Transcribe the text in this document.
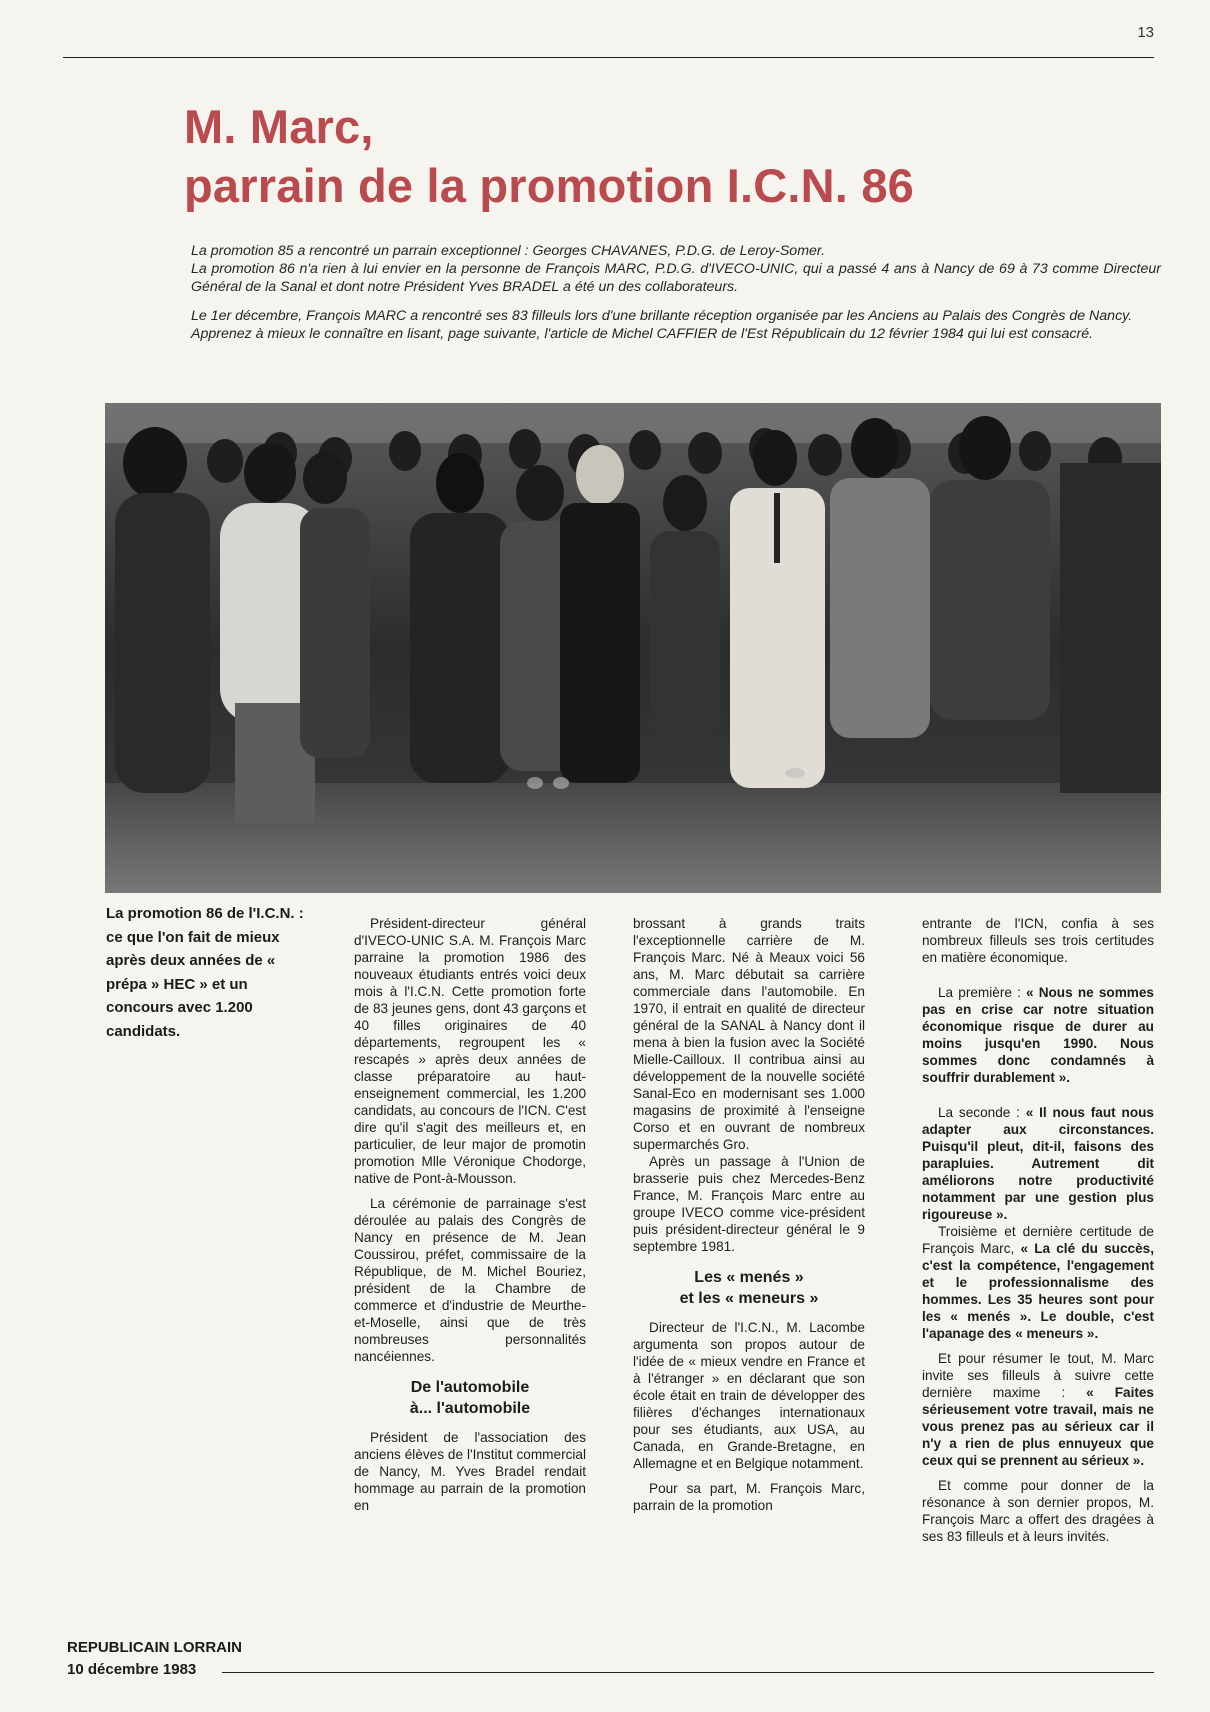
13
M. Marc,
parrain de la promotion I.C.N. 86

La promotion 85 a rencontré un parrain exceptionnel : Georges CHAVANES, P.D.G. de Leroy-Somer.

La promotion 86 n'a rien à lui envier en la personne de François MARC, P.D.G. d'IVECO-UNIC, qui a passé 4 ans à Nancy de 69 à 73 comme Directeur Général de la Sanal et dont notre Président Yves BRADEL a été un des collaborateurs.

Le 1er décembre, François MARC a rencontré ses 83 filleuls lors d'une brillante réception organisée par les Anciens au Palais des Congrès de Nancy.

Apprenez à mieux le connaître en lisant, page suivante, l'article de Michel CAFFIER de l'Est Républicain du 12 février 1984 qui lui est consacré.

La promotion 86 de l'I.C.N. :
ce que l'on fait de mieux après deux années de « prépa » HEC » et un concours avec 1.200 candidats.

Président-directeur général d'IVECO-UNIC S.A. M. François Marc parraine la promotion 1986 des nouveaux étudiants entrés voici deux mois à l'I.C.N. Cette promotion forte de 83 jeunes gens, dont 43 garçons et 40 filles originaires de 40 départements, regroupent les « rescapés » après deux années de classe préparatoire au haut-enseignement commercial, les 1.200 candidats, au concours de l'ICN. C'est dire qu'il s'agit des meilleurs et, en particulier, de leur major de promotin promotion Mlle Véronique Chodorge, native de Pont-à-Mousson.

La cérémonie de parrainage s'est déroulée au palais des Congrès de Nancy en présence de M. Jean Coussirou, préfet, commissaire de la République, de M. Michel Bouriez, président de la Chambre de commerce et d'industrie de Meurthe-et-Moselle, ainsi que de très nombreuses personnalités nancéiennes.

De l'automobile
à... l'automobile

Président de l'association des anciens élèves de l'Institut commercial de Nancy, M. Yves Bradel rendait hommage au parrain de la promotion en

brossant à grands traits l'exceptionnelle carrière de M. François Marc. Né à Meaux voici 56 ans, M. Marc débutait sa carrière commerciale dans l'automobile. En 1970, il entrait en qualité de directeur général de la SANAL à Nancy dont il mena à bien la fusion avec la Société Mielle-Cailloux. Il contribua ainsi au développement de la nouvelle société Sanal-Eco en modernisant ses 1.000 magasins de proximité à l'enseigne Corso et en ouvrant de nombreux supermarchés Gro.

Après un passage à l'Union de brasserie puis chez Mercedes-Benz France, M. François Marc entre au groupe IVECO comme vice-président puis président-directeur général le 9 septembre 1981.

Les « menés »
et les « meneurs »

Directeur de l'I.C.N., M. Lacombe argumenta son propos autour de l'idée de « mieux vendre en France et à l'étranger » en déclarant que son école était en train de développer des filières d'échanges internationaux pour ses étudiants, aux USA, au Canada, en Grande-Bretagne, en Allemagne et en Belgique notamment.

Pour sa part, M. François Marc, parrain de la promotion

entrante de l'ICN, confia à ses nombreux filleuls ses trois certitudes en matière économique.

La première : « Nous ne sommes pas en crise car notre situation économique risque de durer au moins jusqu'en 1990. Nous sommes donc condamnés à souffrir durablement ».

La seconde : « Il nous faut nous adapter aux circonstances. Puisqu'il pleut, dit-il, faisons des parapluies. Autrement dit améliorons notre productivité notamment par une gestion plus rigoureuse ».

Troisième et dernière certitude de François Marc, « La clé du succès, c'est la compétence, l'engagement et le professionnalisme des hommes. Les 35 heures sont pour les « menés ». Le double, c'est l'apanage des « meneurs ».

Et pour résumer le tout, M. Marc invite ses filleuls à suivre cette dernière maxime : « Faites sérieusement votre travail, mais ne vous prenez pas au sérieux car il n'y a rien de plus ennuyeux que ceux qui se prennent au sérieux ».

Et comme pour donner de la résonance à son dernier propos, M. François Marc a offert des dragées à ses 83 filleuls et à leurs invités.

REPUBLICAIN LORRAIN
10 décembre 1983
